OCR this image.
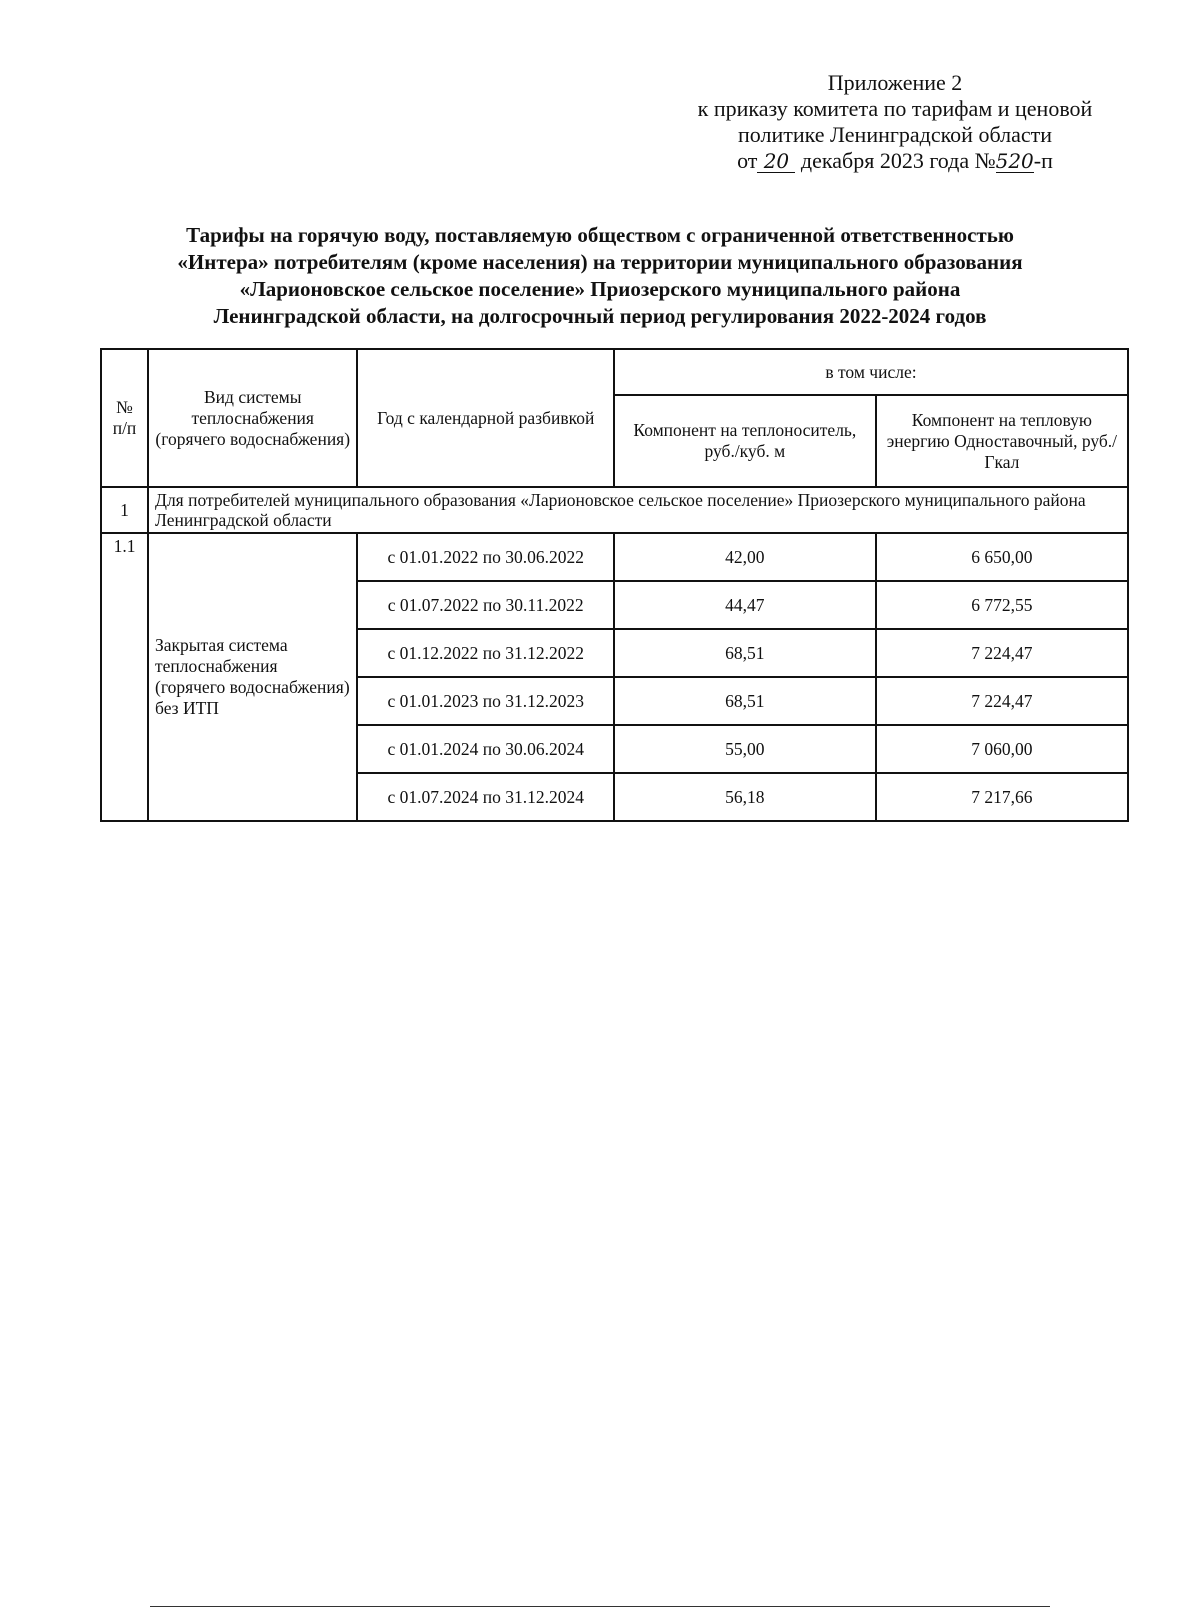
Приложение 2
к приказу комитета по тарифам и ценовой
политике Ленинградской области
от 20 декабря 2023 года №520-п
Тарифы на горячую воду, поставляемую обществом с ограниченной ответственностью
«Интера» потребителям (кроме населения) на территории муниципального образования
«Ларионовское сельское поселение» Приозерского муниципального района
Ленинградской области, на долгосрочный период регулирования 2022-2024 годов
№ п/п	Вид системы теплоснабжения (горячего водоснабжения)	Год с календарной разбивкой	в том числе:	
			Компонент на теплоноситель, руб./куб. м	Компонент на тепловую энергию Одноставочный, руб./Гкал
1	Для потребителей муниципального образования «Ларионовское сельское поселение» Приозерского муниципального района Ленинградской области			
1.1	Закрытая система теплоснабжения (горячего водоснабжения) без ИТП	с 01.01.2022 по 30.06.2022	42,00	6 650,00
		с 01.07.2022 по 30.11.2022	44,47	6 772,55
		с 01.12.2022 по 31.12.2022	68,51	7 224,47
		с 01.01.2023 по 31.12.2023	68,51	7 224,47
		с 01.01.2024 по 30.06.2024	55,00	7 060,00
		с 01.07.2024 по 31.12.2024	56,18	7 217,66
